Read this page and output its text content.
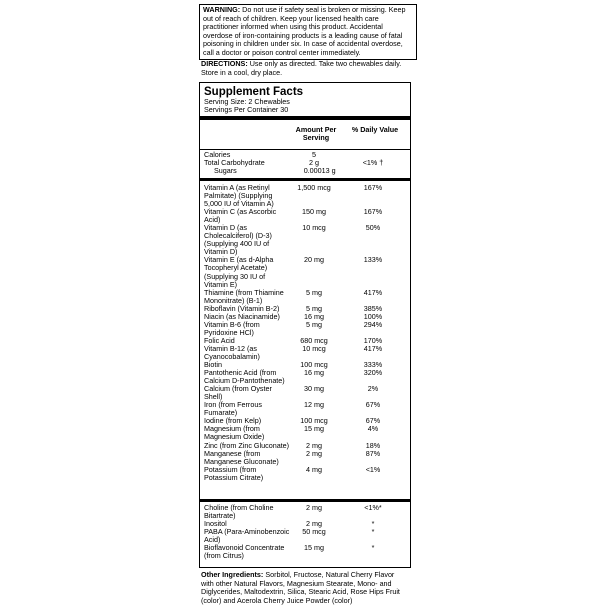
WARNING: Do not use if safety seal is broken or missing. Keep out of reach of children. Keep your licensed health care practitioner informed when using this product. Accidental overdose of iron-containing products is a leading cause of fatal poisoning in children under six. In case of accidental overdose, call a doctor or poison control center immediately.
DIRECTIONS: Use only as directed. Take two chewables daily. Store in a cool, dry place.
Supplement Facts
Serving Size: 2 Chewables
Servings Per Container 30
Amount Per Serving
% Daily Value
Calories	5
Total Carbohydrate	2 g	<1% †
Sugars	0.00013 g
Vitamin A (as Retinyl Palmitate) (Supplying 5,000 IU of Vitamin A)
1,500 mcg	167%
Vitamin C (as Ascorbic Acid)
150 mg	167%
Vitamin D (as Cholecalciferol) (D-3) (Supplying 400 IU of Vitamin D)
10 mcg	50%
Vitamin E (as d-Alpha Tocopheryl Acetate) (Supplying 30 IU of Vitamin E)
20 mg	133%
Thiamine (from Thiamine Mononitrate) (B-1)
5 mg	417%
Riboflavin (Vitamin B-2)	5 mg	385%
Niacin (as Niacinamide)	16 mg	100%
Vitamin B-6 (from Pyridoxine HCl)
5 mg	294%
Folic Acid	680 mcg	170%
Vitamin B-12 (as Cyanocobalamin)
10 mcg	417%
Biotin	100 mcg	333%
Pantothenic Acid (from Calcium D-Pantothenate)
16 mg	320%
Calcium (from Oyster Shell)
30 mg	2%
Iron (from Ferrous Fumarate)
12 mg	67%
Iodine (from Kelp)	100 mcg	67%
Magnesium (from Magnesium Oxide)
15 mg	4%
Zinc (from Zinc Gluconate)	2 mg	18%
Manganese (from Manganese Gluconate)
2 mg	87%
Potassium (from Potassium Citrate)
4 mg	<1%
Choline (from Choline Bitartrate)
2 mg	<1%*
Inositol	2 mg	*
PABA (Para-Aminobenzoic Acid)
50 mcg	*
Bioflavonoid Concentrate (from Citrus)
15 mg	*
Other Ingredients: Sorbitol, Fructose, Natural Cherry Flavor with other Natural Flavors, Magnesium Stearate, Mono- and Diglycerides, Maltodextrin, Silica, Stearic Acid, Rose Hips Fruit (color) and Acerola Cherry Juice Powder (color)
